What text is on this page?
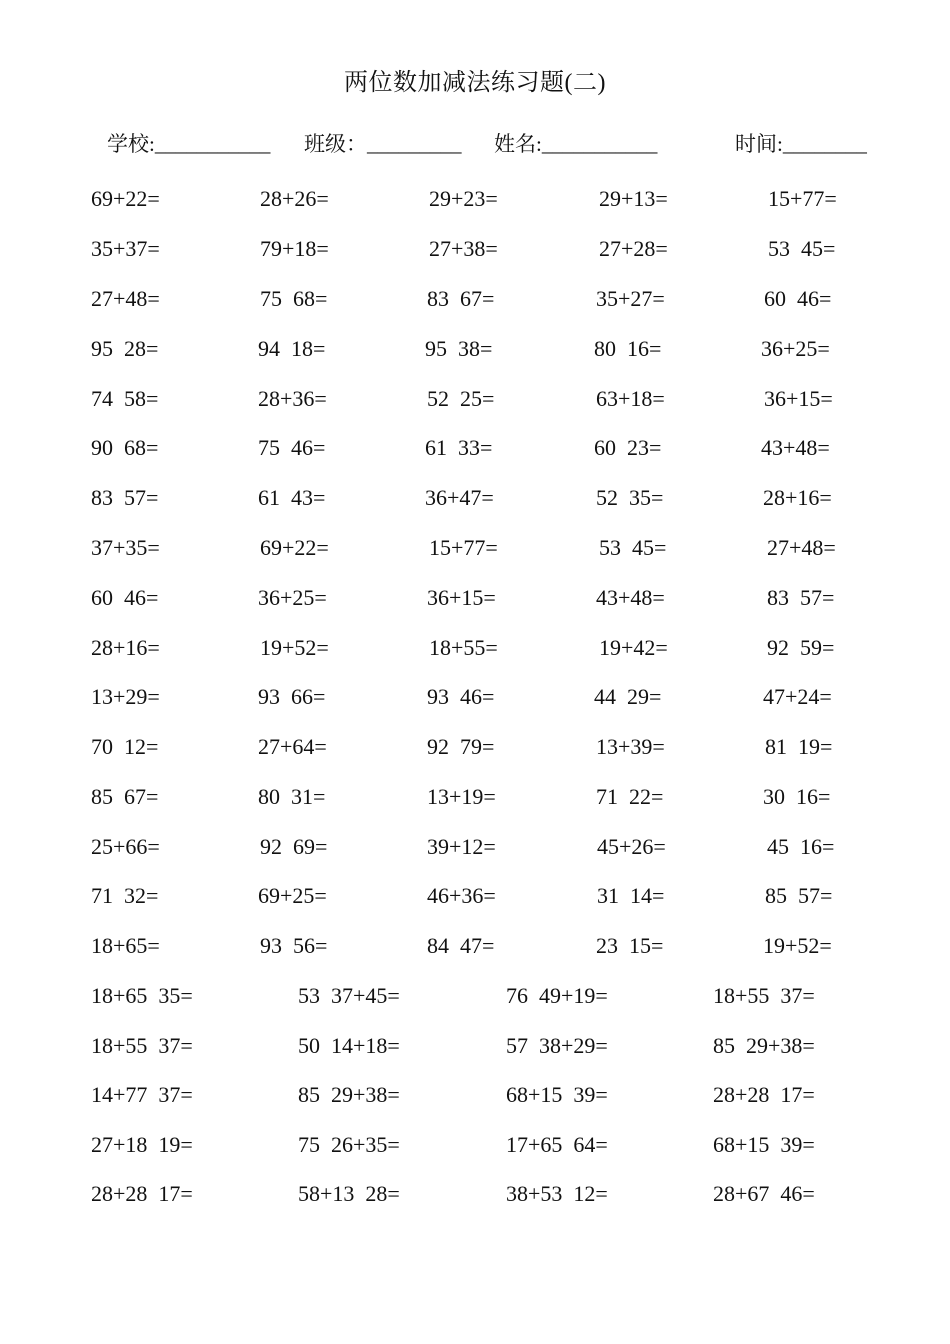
两位数加减法练习题(二)
学校:___________ 班级：_________ 姓名:___________	时间:________
69+22=	28+26=	29+23=	29+13=	15+77=
35+37=	79+18=	27+38=	27+28=	53  45=
27+48=	75  68=	83  67=	35+27=	60  46=
95  28=	94  18=	95  38=	80  16=	36+25=
74  58=	28+36=	52  25=	63+18=	36+15=
90  68=	75  46=	61  33=	60  23=	43+48=
83  57=	61  43=	36+47=	52  35=	28+16=
37+35=	69+22=	15+77=	53  45=	27+48=
60  46=	36+25=	36+15=	43+48=	83  57=
28+16=	19+52=	18+55=	19+42=	92  59=
13+29=	93  66=	93  46=	44  29=	47+24=
70  12=	27+64=	92  79=	13+39=	81  19=
85  67=	80  31=	13+19=	71  22=	30  16=
25+66=	92  69=	39+12=	45+26=	45  16=
71  32=	69+25=	46+36=	31  14=	85  57=
18+65=	93  56=	84  47=	23  15=	19+52=
18+65  35=	53  37+45=	76  49+19=	18+55  37=
18+55  37=	50  14+18=	57  38+29=	85  29+38=
14+77  37=	85  29+38=	68+15  39=	28+28  17=
27+18  19=	75  26+35=	17+65  64=	68+15  39=
28+28  17=	58+13  28=	38+53  12=	28+67  46=
